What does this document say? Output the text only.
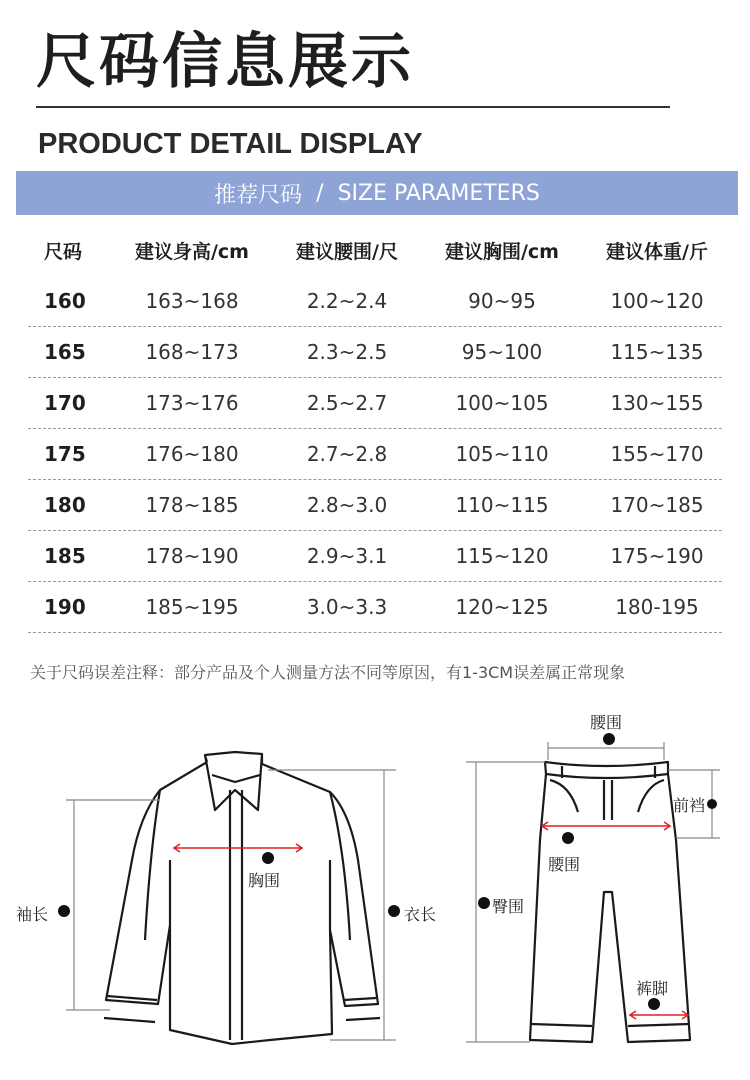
尺码信息展示
PRODUCT DETAIL DISPLAY
推荐尺码 / SIZE PARAMETERS
尺码	建议身高/cm	建议腰围/尺	建议胸围/cm	建议体重/斤
160	163~168	2.2~2.4	90~95	100~120
165	168~173	2.3~2.5	95~100	115~135
170	173~176	2.5~2.7	100~105	130~155
175	176~180	2.7~2.8	105~110	155~170
180	178~185	2.8~3.0	110~115	170~185
185	178~190	2.9~3.1	115~120	175~190
190	185~195	3.0~3.3	120~125	180-195
关于尺码误差注释：部分产品及个人测量方法不同等原因，有1-3CM误差属正常现象
胸围
袖长	衣长
腰围
前裆
腰围
臀围
裤脚
